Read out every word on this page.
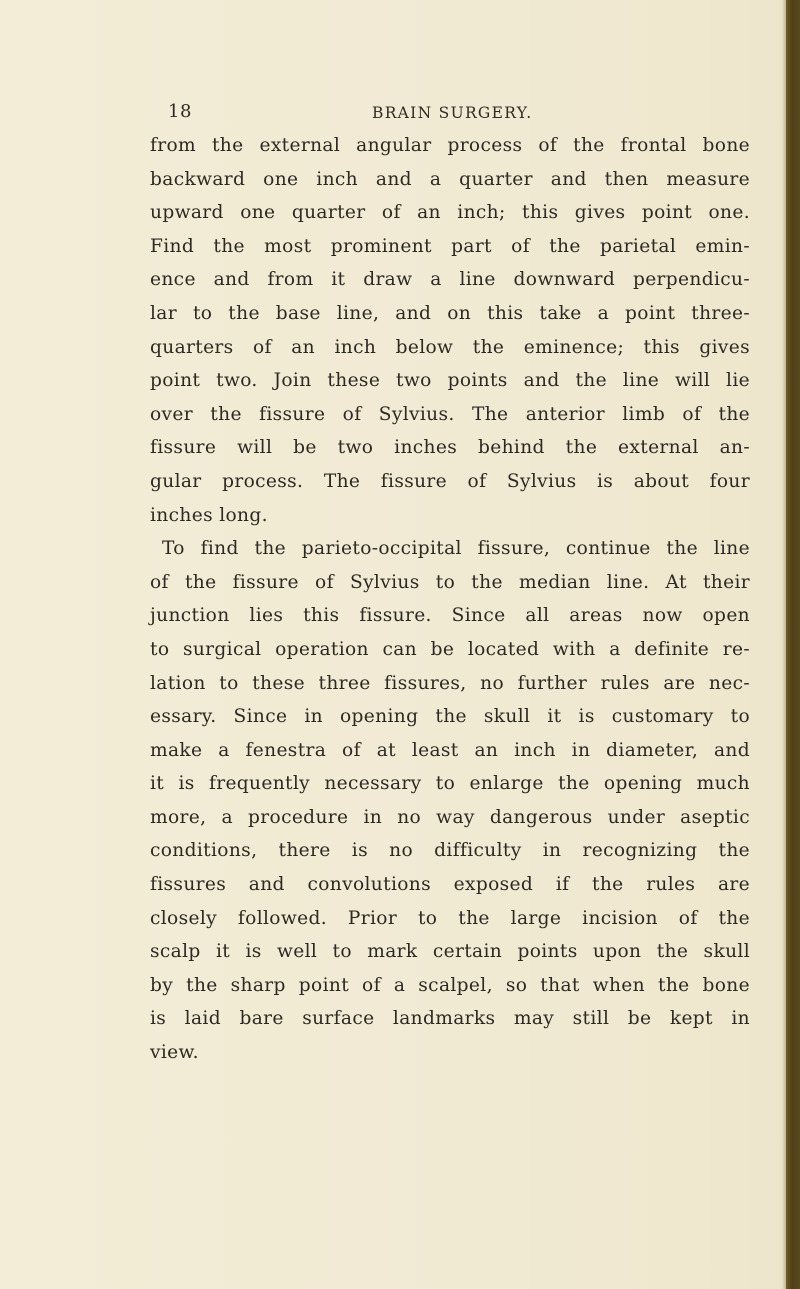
18	BRAIN SURGERY.
from the external angular process of the frontal bone
backward one inch and a quarter and then measure
upward one quarter of an inch; this gives point one.
Find the most prominent part of the parietal emin-
ence and from it draw a line downward perpendicu-
lar to the base line, and on this take a point three-
quarters of an inch below the eminence; this gives
point two. Join these two points and the line will lie
over the fissure of Sylvius. The anterior limb of the
fissure will be two inches behind the external an-
gular process. The fissure of Sylvius is about four
inches long.
To find the parieto-occipital fissure, continue the line
of the fissure of Sylvius to the median line. At their
junction lies this fissure. Since all areas now open
to surgical operation can be located with a definite re-
lation to these three fissures, no further rules are nec-
essary. Since in opening the skull it is customary to
make a fenestra of at least an inch in diameter, and
it is frequently necessary to enlarge the opening much
more, a procedure in no way dangerous under aseptic
conditions, there is no difficulty in recognizing the
fissures and convolutions exposed if the rules are
closely followed. Prior to the large incision of the
scalp it is well to mark certain points upon the skull
by the sharp point of a scalpel, so that when the bone
is laid bare surface landmarks may still be kept in
view.
